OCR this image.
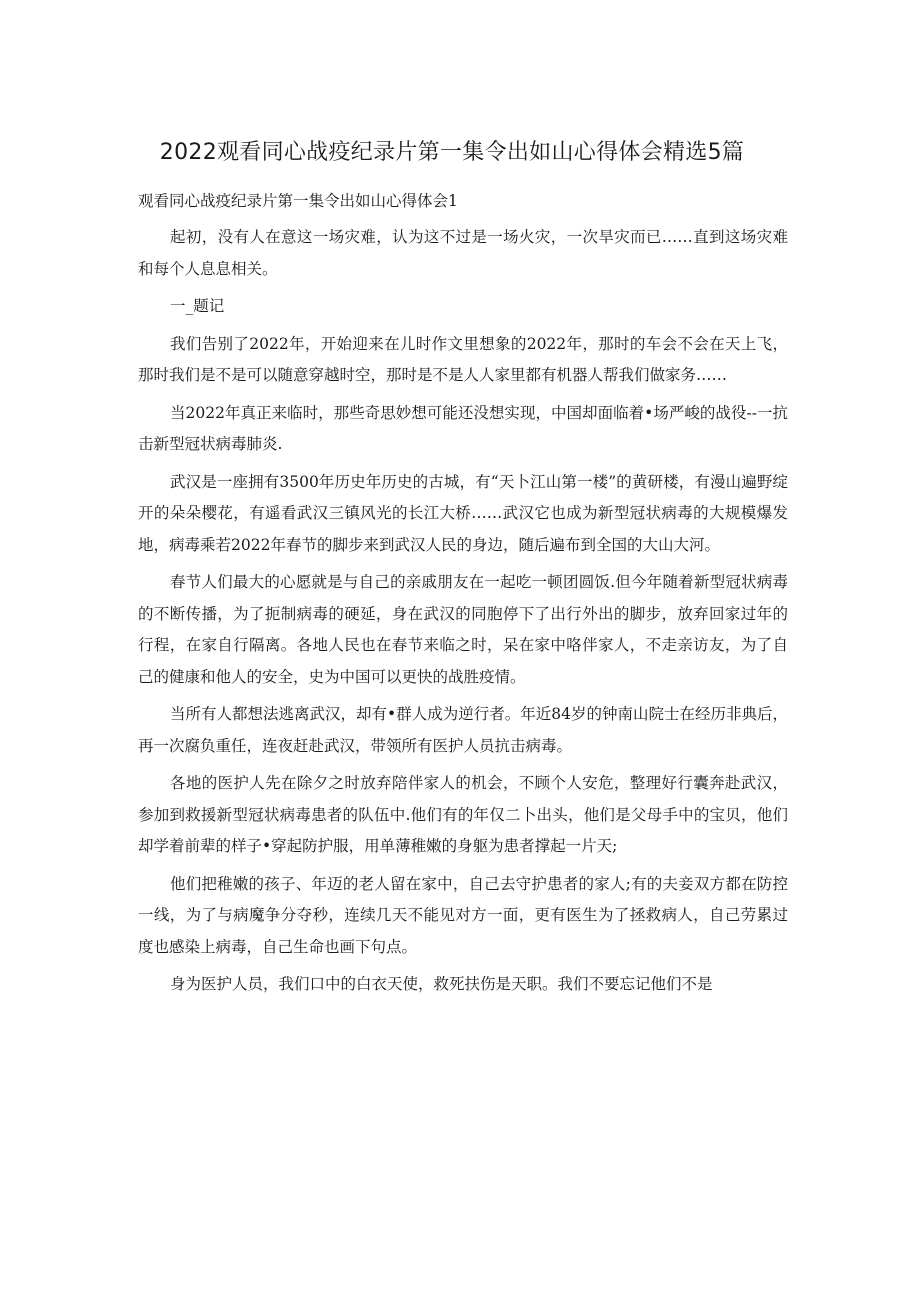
2022观看同心战疫纪录片第一集令出如山心得体会精选5篇

观看同心战疫纪录片第一集令出如山心得体会1

起初，没有人在意这一场灾难，认为这不过是一场火灾，一次旱灾而已……直到这场灾难和每个人息息相关。

一_题记

我们告别了2022年，开始迎来在儿时作文里想象的2022年，那时的车会不会在天上飞，那时我们是不是可以随意穿越时空，那时是不是人人家里都有机器人帮我们做家务……

当2022年真正来临时，那些奇思妙想可能还没想实现，中国却面临着•场严峻的战役--一抗击新型冠状病毒肺炎.

武汉是一座拥有3500年历史年历史的古城，有“天卜江山第一楼”的黄研楼，有漫山遍野绽开的朵朵樱花，有遥看武汉三镇风光的长江大桥……武汉它也成为新型冠状病毒的大规模爆发地，病毒乘若2022年春节的脚步来到武汉人民的身边，随后遍布到全国的大山大河。

春节人们最大的心愿就是与自己的亲戚朋友在一起吃一顿团圆饭.但今年随着新型冠状病毒的不断传播，为了扼制病毒的硬延，身在武汉的同胞停下了出行外出的脚步，放弃回家过年的行程，在家自行隔离。各地人民也在春节来临之时，呆在家中咯伴家人，不走亲访友，为了自己的健康和他人的安全，史为中国可以更快的战胜疫情。

当所有人都想法逃离武汉，却有•群人成为逆行者。年近84岁的钟南山院士在经历非典后，再一次腐负重任，连夜赶赴武汉，带领所有医护人员抗击病毒。

各地的医护人先在除夕之时放弃陪伴家人的机会，不顾个人安危，整理好行囊奔赴武汉，参加到救援新型冠状病毒患者的队伍中.他们有的年仅二卜出头，他们是父母手中的宝贝，他们却学着前辈的样子•穿起防护服，用单薄稚嫩的身躯为患者撑起一片天;

他们把稚嫩的孩子、年迈的老人留在家中，自己去守护患者的家人;有的夫妾双方都在防控一线，为了与病魔争分夺秒，连续几天不能见对方一面，更有医生为了拯救病人，自己劳累过度也感染上病毒，自己生命也画下句点。

身为医护人员，我们口中的白衣天使，救死扶伤是天职。我们不要忘记他们不是
